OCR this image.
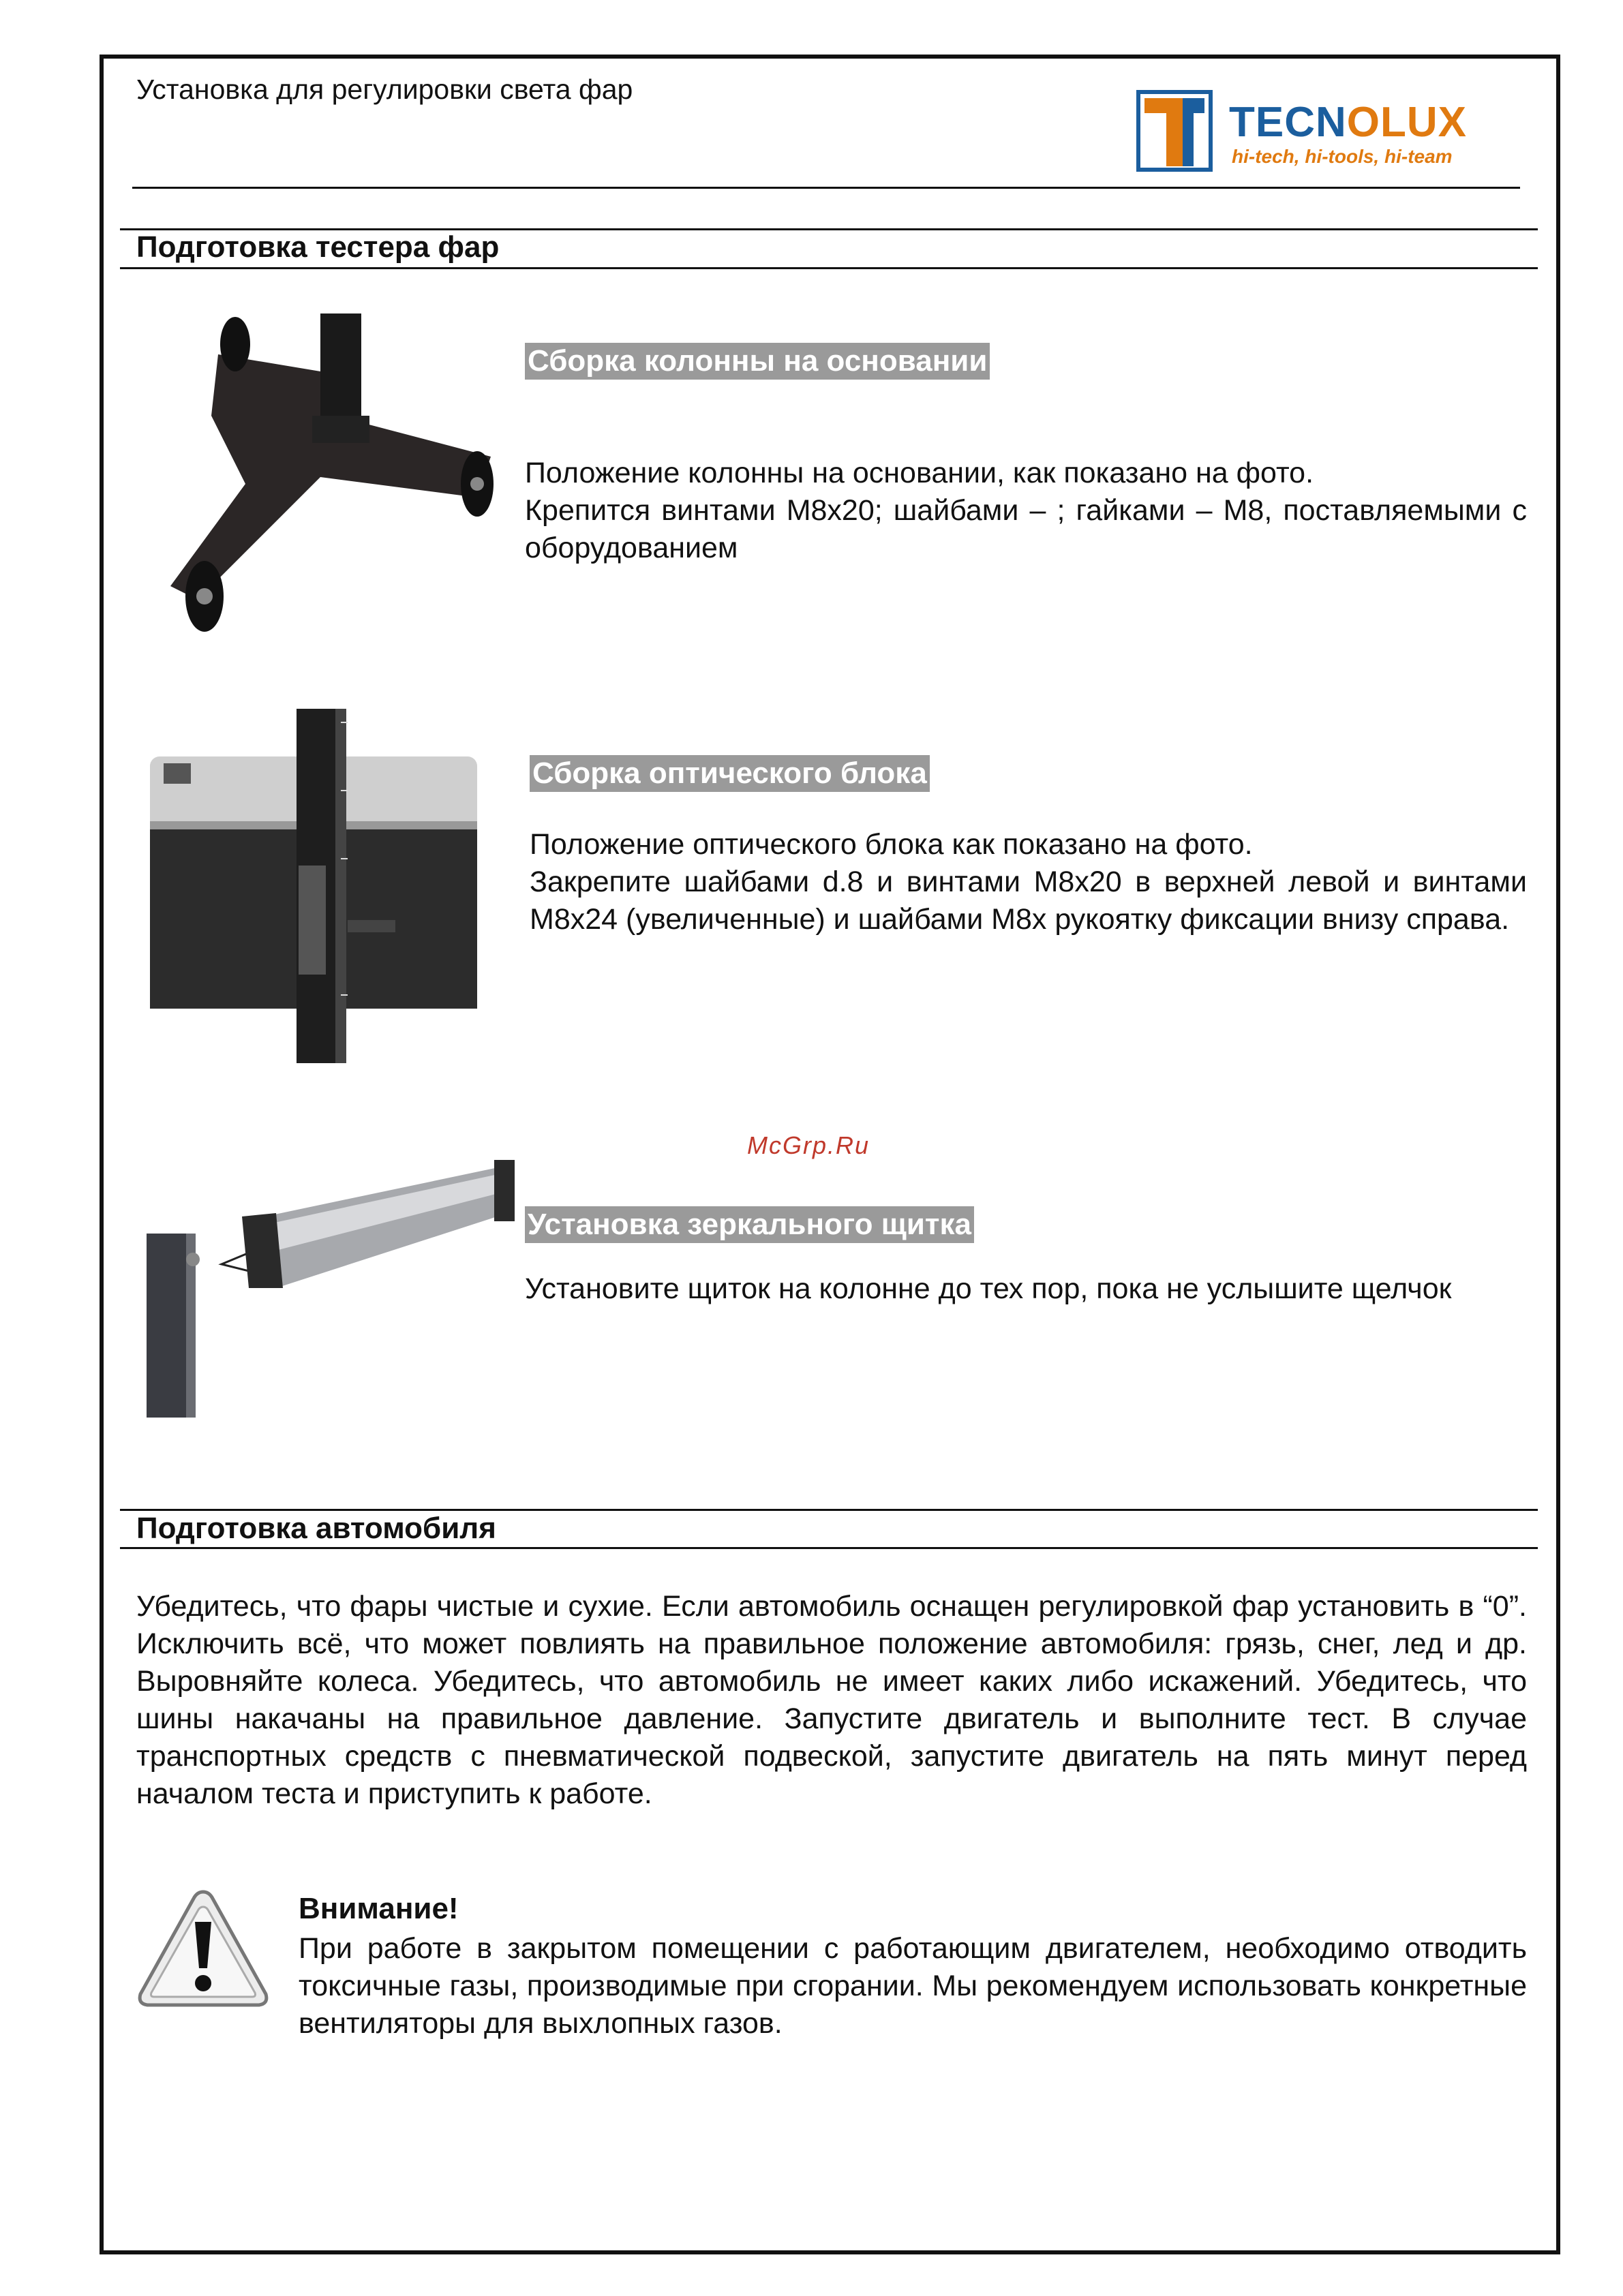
Установка для регулировки света фар
TECNOLUX
hi-tech, hi-tools, hi-team
Подготовка тестера фар
Сборка колонны на основании

Положение колонны на основании, как показано на фото.

Крепится винтами M8x20; шайбами – ; гайками – M8, поставляемыми с оборудованием

Сборка оптического блока

Положение оптического блока как показано на фото.

Закрепите шайбами d.8 и винтами M8x20 в верхней левой и винтами M8x24 (увеличенные) и шайбами M8x рукоятку фиксации внизу справа.

McGrp.Ru
Установка зеркального щитка

Установите щиток на колонне до тех пор, пока не услышите щелчок

Подготовка автомобиля
Убедитесь, что фары чистые и сухие. Если автомобиль оснащен регулировкой фар установить в “0”. Исключить всё, что может повлиять на правильное положение автомобиля: грязь, снег, лед и др. Выровняйте колеса. Убедитесь, что автомобиль не имеет каких либо искажений. Убедитесь, что шины накачаны на правильное давление. Запустите двигатель и выполните тест. В случае транспортных средств с пневматической подвеской, запустите двигатель на пять минут перед началом теста и приступить к работе.
Внимание!
При работе в закрытом помещении с работающим двигателем, необходимо отводить токсичные газы, производимые при сгорании. Мы рекомендуем использовать конкретные вентиляторы для выхлопных газов.
